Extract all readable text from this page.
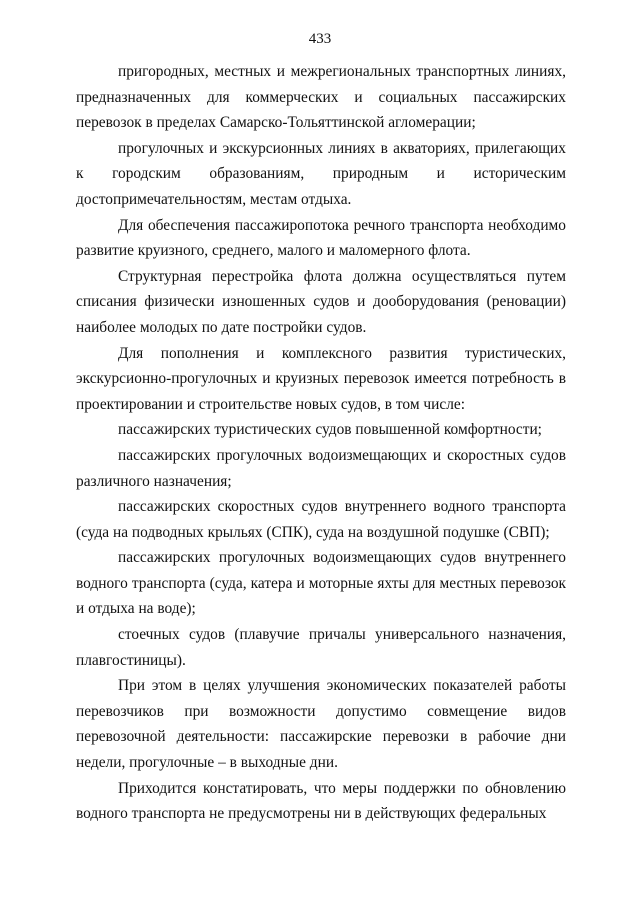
433

пригородных, местных и межрегиональных транспортных линиях, предназначенных для коммерческих и социальных пассажирских перевозок в пределах Самарско-Тольяттинской агломерации;

прогулочных и экскурсионных линиях в акваториях, прилегающих к городским образованиям, природным и историческим достопримечательностям, местам отдыха.

Для обеспечения пассажиропотока речного транспорта необходимо развитие круизного, среднего, малого и маломерного флота.

Структурная перестройка флота должна осуществляться путем списания физически изношенных судов и дооборудования (реновации) наиболее молодых по дате постройки судов.

Для пополнения и комплексного развития туристических, экскурсионно-прогулочных и круизных перевозок имеется потребность в проектировании и строительстве новых судов, в том числе:

пассажирских туристических судов повышенной комфортности;

пассажирских прогулочных водоизмещающих и скоростных судов различного назначения;

пассажирских скоростных судов внутреннего водного транспорта (суда на подводных крыльях (СПК), суда на воздушной подушке (СВП);

пассажирских прогулочных водоизмещающих судов внутреннего водного транспорта (суда, катера и моторные яхты для местных перевозок и отдыха на воде);

стоечных судов (плавучие причалы универсального назначения, плавгостиницы).

При этом в целях улучшения экономических показателей работы перевозчиков при возможности допустимо совмещение видов перевозочной деятельности: пассажирские перевозки в рабочие дни недели, прогулочные – в выходные дни.

Приходится констатировать, что меры поддержки по обновлению водного транспорта не предусмотрены ни в действующих федеральных
